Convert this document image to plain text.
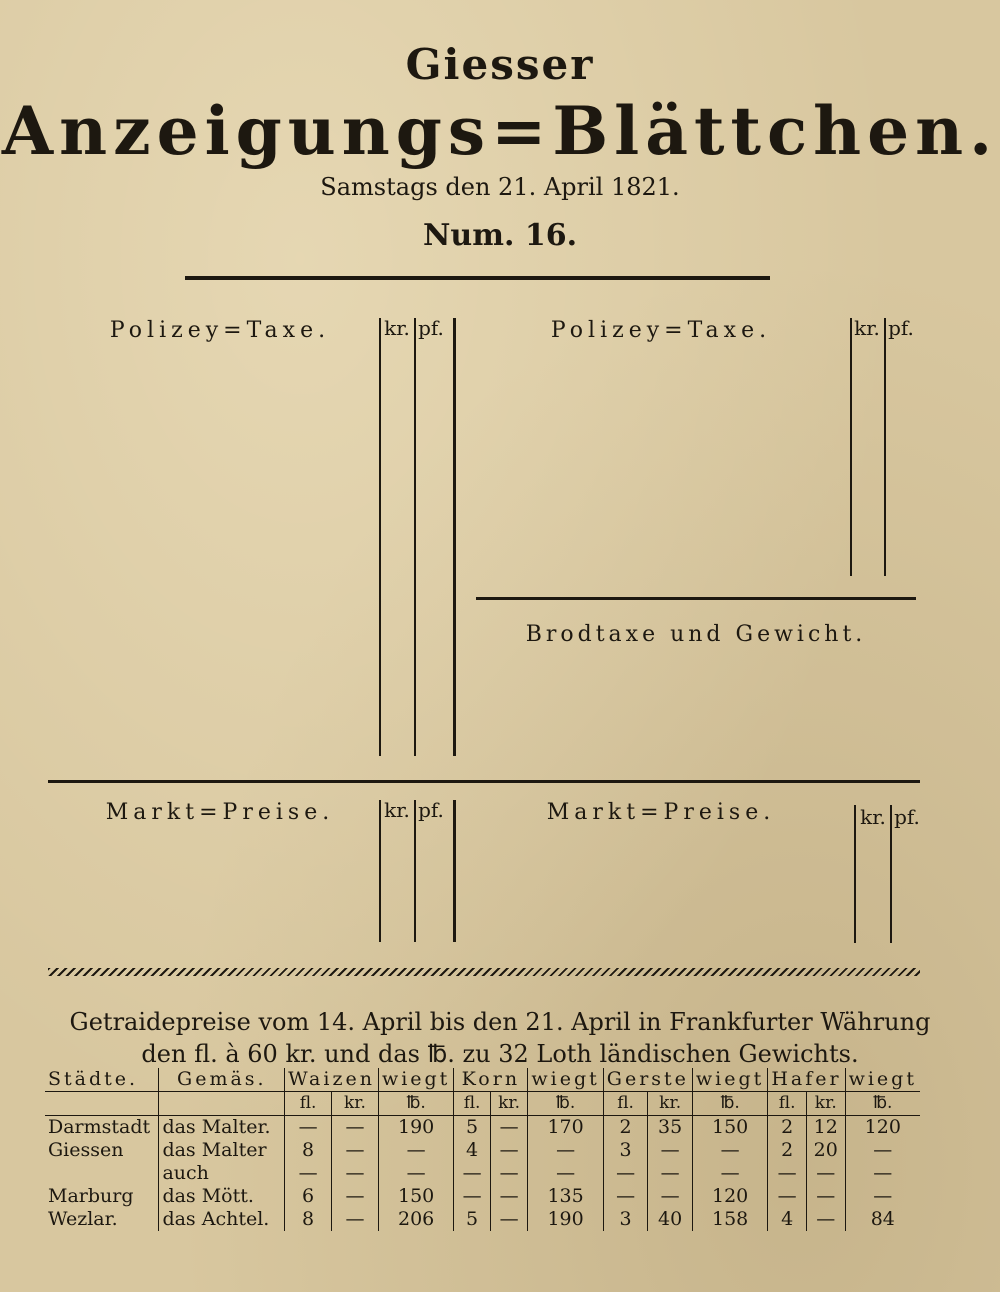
Giesser
Anzeigungs=Blättchen.
Samstags den 21. April 1821.
Num. 16.
Polizey=Taxe.	kr. pf.	Polizey=Taxe.	kr. pf.
Brodtaxe und Gewicht.
Markt=Preise.	kr. pf.	Markt=Preise.	kr. pf.
Getraidepreise vom 14. April bis den 21. April in Frankfurter Währung
den fl. à 60 kr. und das ℔. zu 32 Loth ländischen Gewichts.
Städte.	Gemäs.	Waizen		wiegt	Korn		wiegt	Gerste		wiegt	Hafer		wiegt
		fl.	kr.	℔.	fl.	kr.	℔.	fl.	kr.	℔.	fl.	kr.	℔.
Darmstadt	das Malter.	—	—	190	5	—	170	2	35	150	2	12	120
Giessen	das Malter	8	—	—	4	—	—	3	—	—	2	20	—
	auch	—	—	—	—	—	—	—	—	—	—	—	—
Marburg	das Mött.	6	—	150	—	—	135	—	—	120	—	—	—
Wezlar.	das Achtel.	8	—	206	5	—	190	3	40	158	4	—	84
